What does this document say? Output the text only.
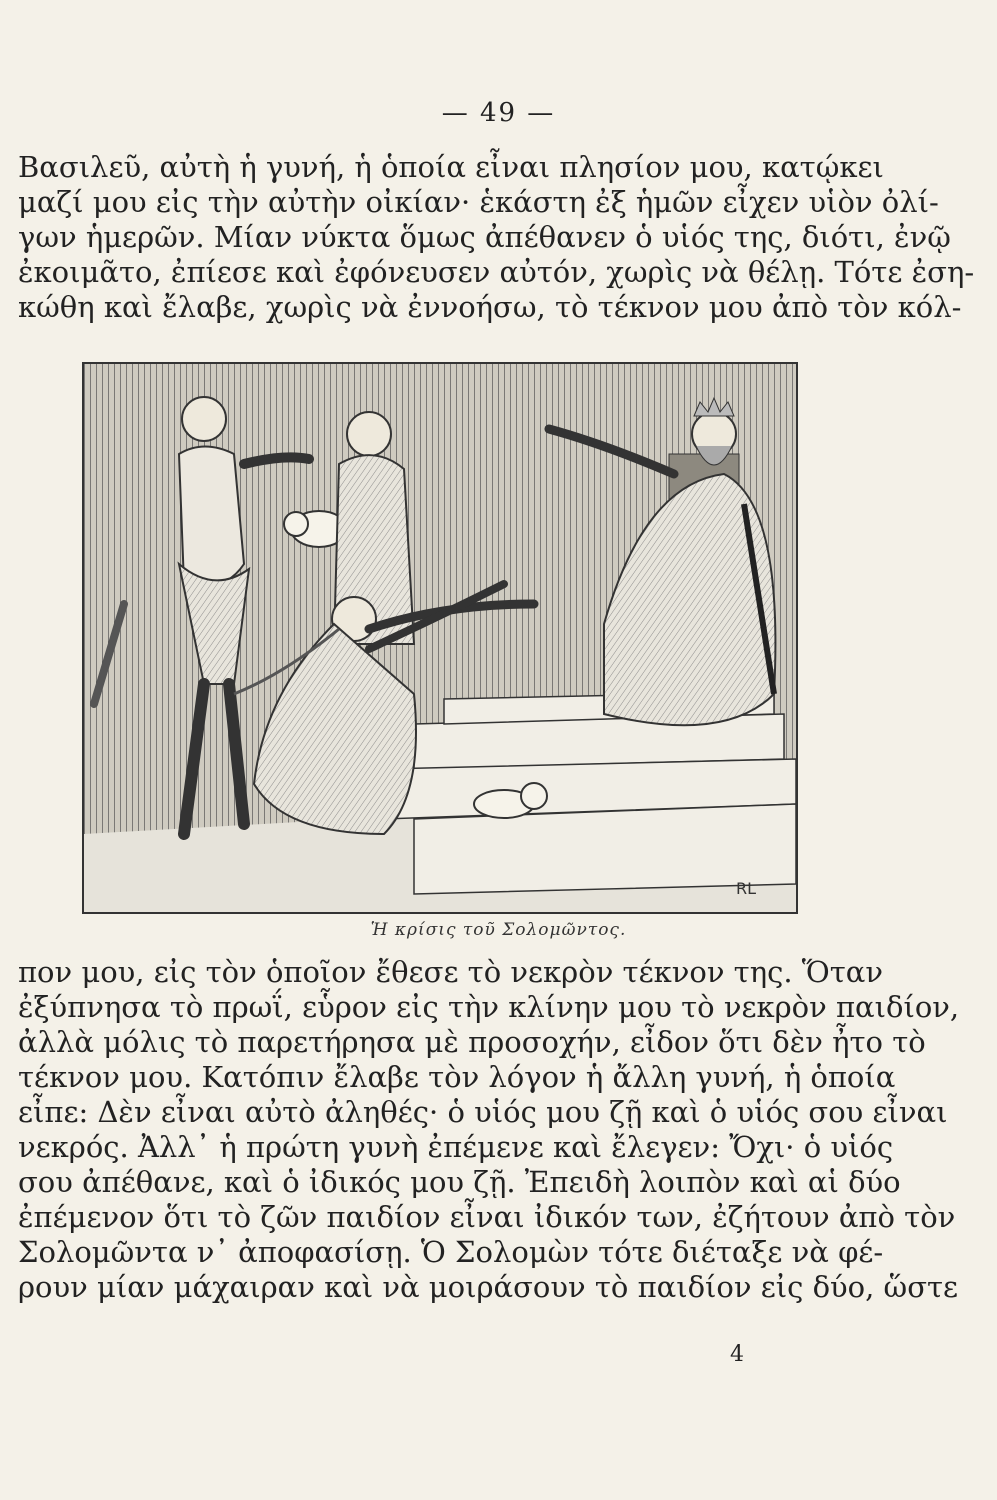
— 49 —
Βασιλεῦ, αὐτὴ ἡ γυνή, ἡ ὁποία εἶναι πλησίον μου, κατῴκει
μαζί μου εἰς τὴν αὐτὴν οἰκίαν· ἑκάστη ἐξ ἡμῶν εἶχεν υἱὸν ὀλί-
γων ἡμερῶν. Μίαν νύκτα ὅμως ἀπέθανεν ὁ υἱός της, διότι, ἐνῷ
ἐκοιμᾶτο, ἐπίεσε καὶ ἐφόνευσεν αὐτόν, χωρὶς νὰ θέλῃ. Τότε ἐση-
κώθη καὶ ἔλαβε, χωρὶς νὰ ἐννοήσω, τὸ τέκνον μου ἀπὸ τὸν κόλ-
RL
Ἡ κρίσις τοῦ Σολομῶντος.
πον μου, εἰς τὸν ὁποῖον ἔθεσε τὸ νεκρὸν τέκνον της. Ὅταν
ἐξύπνησα τὸ πρωΐ, εὗρον εἰς τὴν κλίνην μου τὸ νεκρὸν παιδίον,
ἀλλὰ μόλις τὸ παρετήρησα μὲ προσοχήν, εἶδον ὅτι δὲν ἦτο τὸ
τέκνον μου. Κατόπιν ἔλαβε τὸν λόγον ἡ ἄλλη γυνή, ἡ ὁποία
εἶπε: Δὲν εἶναι αὐτὸ ἀληθές· ὁ υἱός μου ζῇ καὶ ὁ υἱός σου εἶναι
νεκρός. Ἀλλ᾽ ἡ πρώτη γυνὴ ἐπέμενε καὶ ἔλεγεν: Ὄχι· ὁ υἱός
σου ἀπέθανε, καὶ ὁ ἰδικός μου ζῇ. Ἐπειδὴ λοιπὸν καὶ αἱ δύο
ἐπέμενον ὅτι τὸ ζῶν παιδίον εἶναι ἰδικόν των, ἐζήτουν ἀπὸ τὸν
Σολομῶντα ν᾽ ἀποφασίσῃ. Ὁ Σολομὼν τότε διέταξε νὰ φέ-
ρουν μίαν μάχαιραν καὶ νὰ μοιράσουν τὸ παιδίον εἰς δύο, ὥστε
4
